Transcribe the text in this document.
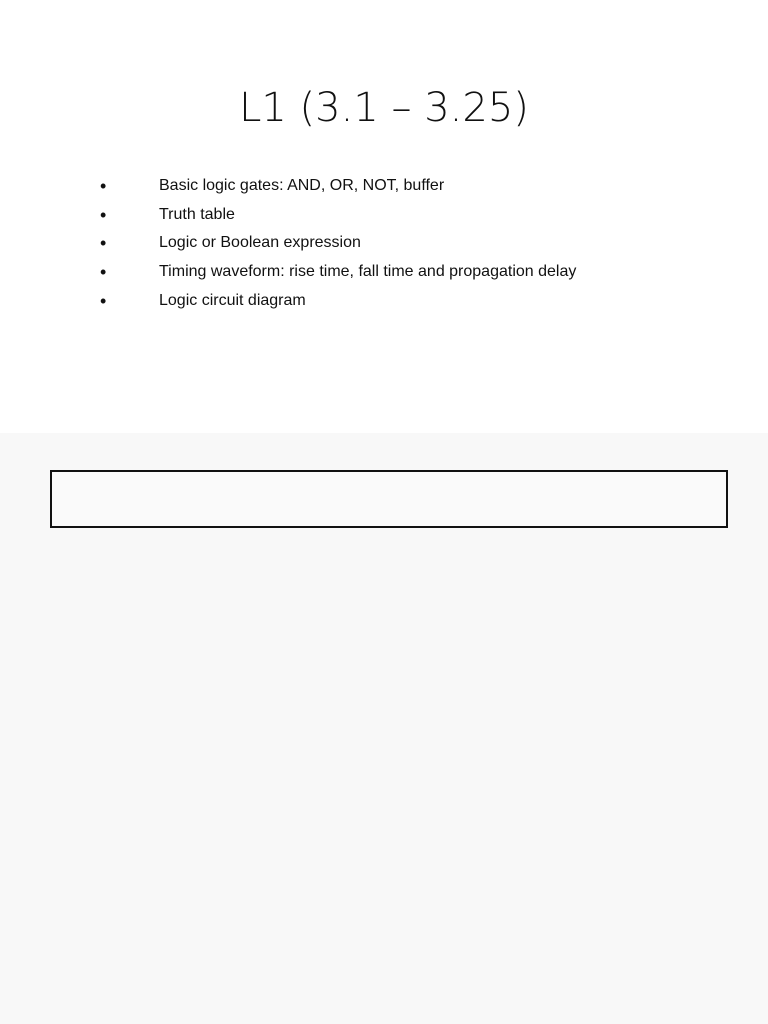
L1 (3.1 – 3.25)
•	Basic logic gates: AND, OR, NOT, buffer
•	Truth table
•	Logic or Boolean expression
•	Timing waveform: rise time, fall time and propagation delay
•	Logic circuit diagram
